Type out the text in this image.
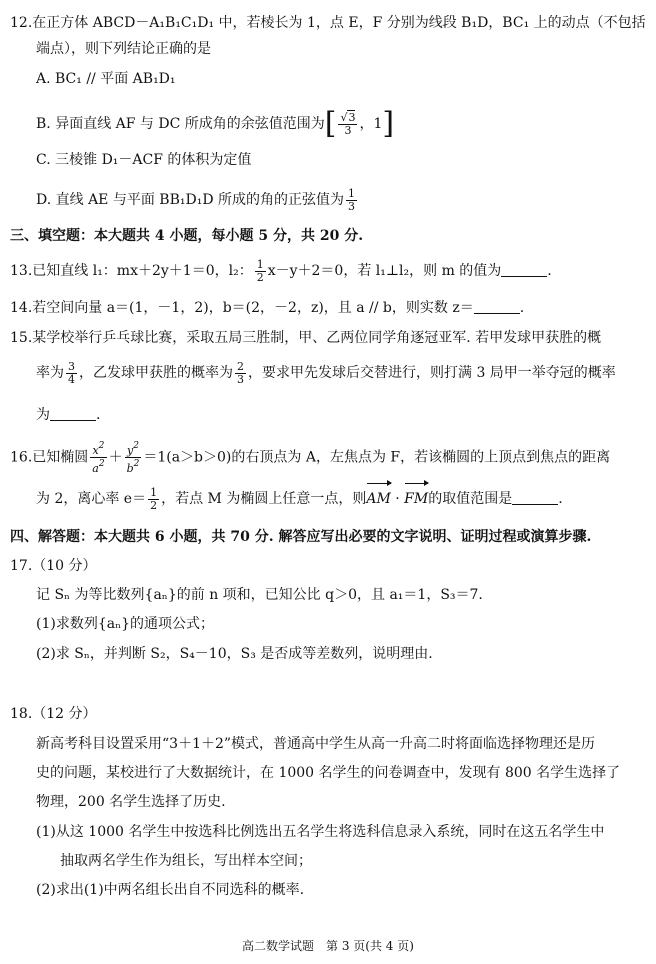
12.在正方体 ABCD－A₁B₁C₁D₁ 中，若棱长为 1，点 E，F 分别为线段 B₁D，BC₁ 上的动点（不包括
端点），则下列结论正确的是
A. BC₁ // 平面 AB₁D₁
B. 异面直线 AF 与 DC 所成角的余弦值范围为[ $\frac{√3}{3}$ ，1]
C. 三棱锥 D₁－ACF 的体积为定值
D. 直线 AE 与平面 BB₁D₁D 所成的角的正弦值为 $\frac{1}{3}$
三、填空题：本大题共 4 小题，每小题 5 分，共 20 分.
13.已知直线 l₁：mx＋2y＋1＝0，l₂： $\frac{1}{2} x-y+2=0$，若 l₁⊥l₂，则 m 的值为	.
14.若空间向量 a＝(1，－1，2)，b＝(2，－2，z)，且 a // b，则实数 z＝	.
15.某学校举行乒乓球比赛，采取五局三胜制，甲、乙两位同学角逐冠亚军. 若甲发球甲获胜的概
率为 $\frac{3}{4}$ ，乙发球甲获胜的概率为 $\frac{2}{3}$ ，要求甲先发球后交替进行，则打满 3 局甲一举夺冠的概率
为	.
16.已知椭圆 $\frac{x^2}{a^2} + \frac{y^2}{b^2} =1(a>b>0)$的右顶点为 A，左焦点为 F，若该椭圆的上顶点到焦点的距离
为 2，离心率 $e= \frac{1}{2}$ ，若点 M 为椭圆上任意一点，则AM · FM的取值范围是	.
四、解答题：本大题共 6 小题，共 70 分. 解答应写出必要的文字说明、证明过程或演算步骤.
17.（10 分）
记 Sₙ 为等比数列{aₙ}的前 n 项和，已知公比 q＞0，且 a₁＝1，S₃＝7.
(1)求数列{aₙ}的通项公式；
(2)求 Sₙ，并判断 S₂，S₄－10，S₃ 是否成等差数列，说明理由.
18.（12 分）
新高考科目设置采用“3＋1＋2”模式，普通高中学生从高一升高二时将面临选择物理还是历
史的问题，某校进行了大数据统计，在 1000 名学生的问卷调查中，发现有 800 名学生选择了
物理，200 名学生选择了历史.
(1)从这 1000 名学生中按选科比例选出五名学生将选科信息录入系统，同时在这五名学生中
抽取两名学生作为组长，写出样本空间；
(2)求出(1)中两名组长出自不同选科的概率.
高二数学试题　第 3 页(共 4 页)
